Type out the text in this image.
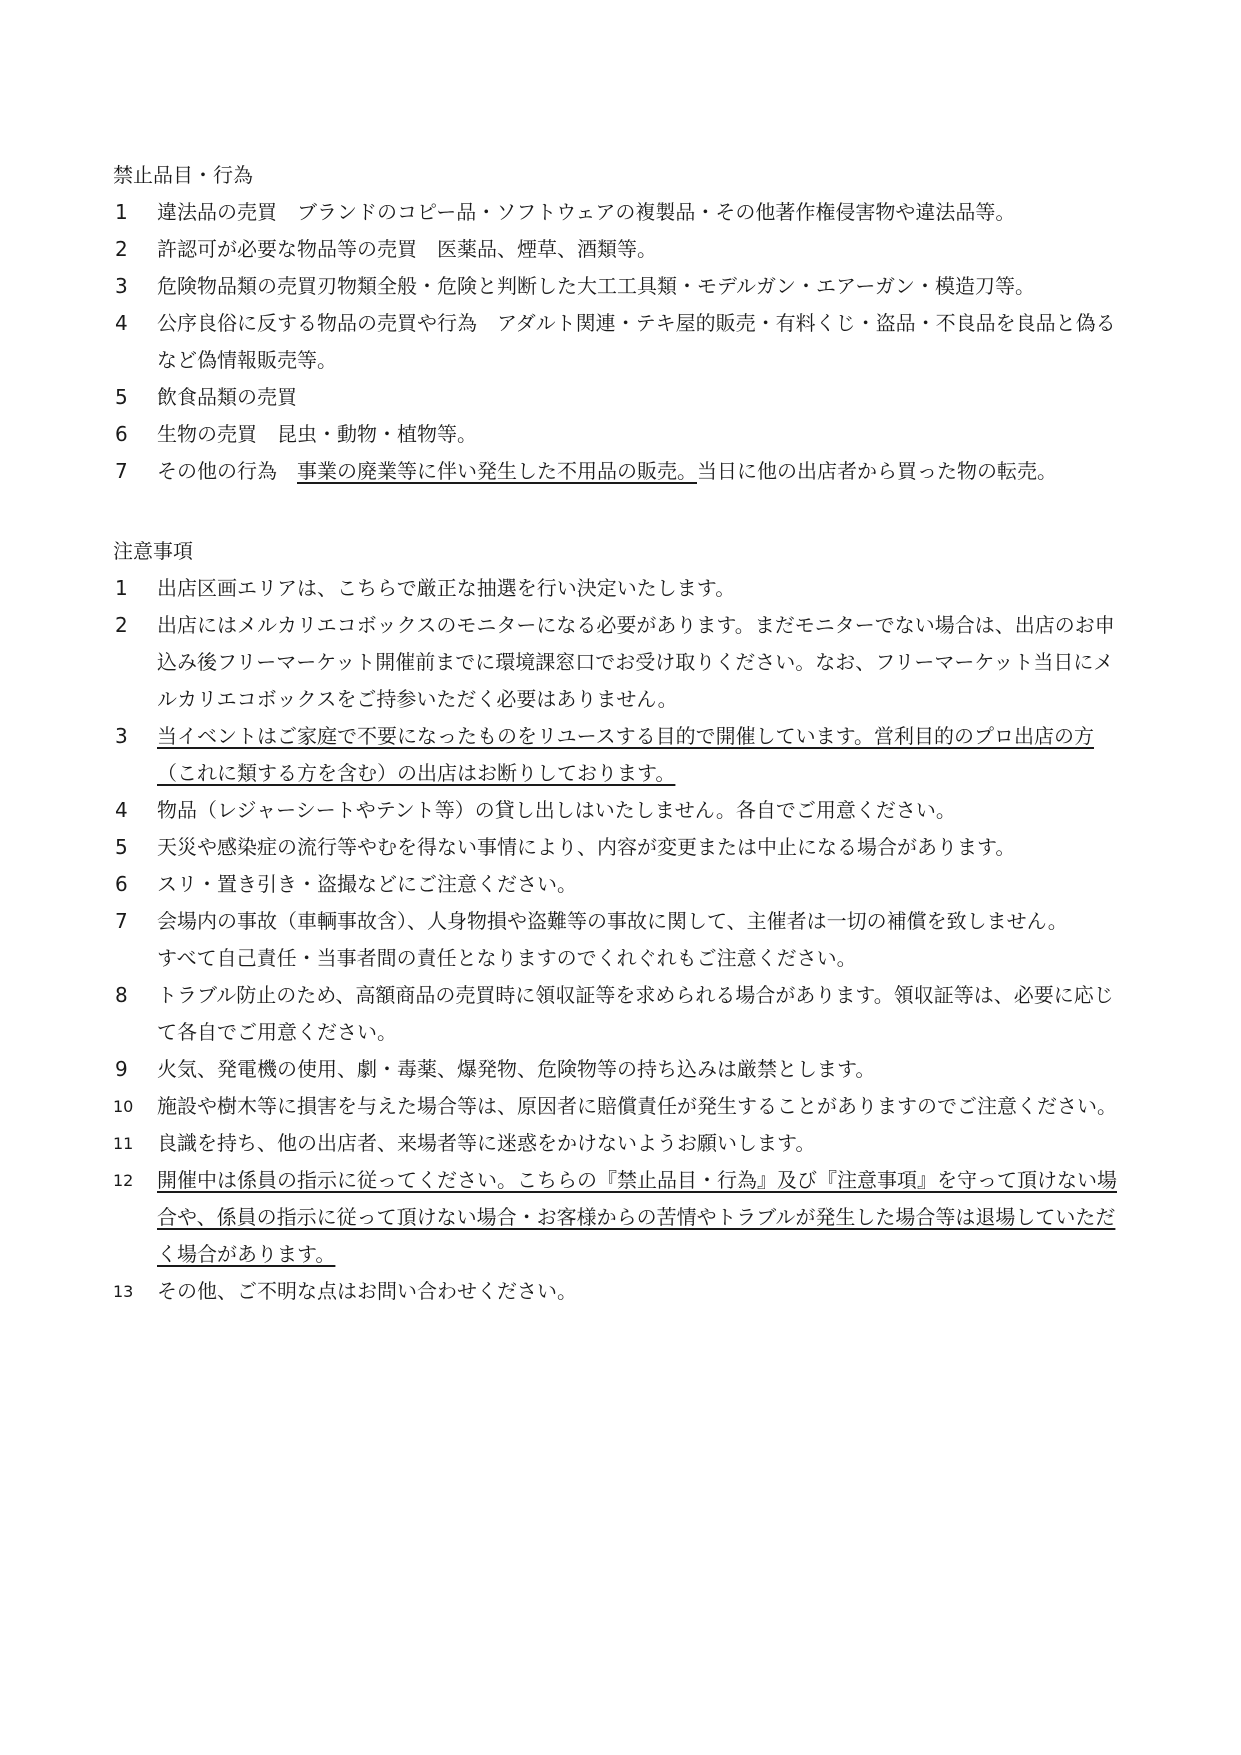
禁止品目・行為
1	違法品の売買　ブランドのコピー品・ソフトウェアの複製品・その他著作権侵害物や違法品等。
2	許認可が必要な物品等の売買　医薬品、煙草、酒類等。
3	危険物品類の売買刃物類全般・危険と判断した大工工具類・モデルガン・エアーガン・模造刀等。
4	公序良俗に反する物品の売買や行為　アダルト関連・テキ屋的販売・有料くじ・盗品・不良品を良品と偽るなど偽情報販売等。
5	飲食品類の売買
6	生物の売買　昆虫・動物・植物等。
7	その他の行為　事業の廃業等に伴い発生した不用品の販売。当日に他の出店者から買った物の転売。
注意事項
1	出店区画エリアは、こちらで厳正な抽選を行い決定いたします。
2	出店にはメルカリエコボックスのモニターになる必要があります。まだモニターでない場合は、出店のお申込み後フリーマーケット開催前までに環境課窓口でお受け取りください。なお、フリーマーケット当日にメルカリエコボックスをご持参いただく必要はありません。
3	当イベントはご家庭で不要になったものをリユースする目的で開催しています。営利目的のプロ出店の方（これに類する方を含む）の出店はお断りしております。
4	物品（レジャーシートやテント等）の貸し出しはいたしません。各自でご用意ください。
5	天災や感染症の流行等やむを得ない事情により、内容が変更または中止になる場合があります。
6	スリ・置き引き・盗撮などにご注意ください。
7	会場内の事故（車輌事故含）、人身物損や盗難等の事故に関して、主催者は一切の補償を致しません。
すべて自己責任・当事者間の責任となりますのでくれぐれもご注意ください。
8	トラブル防止のため、高額商品の売買時に領収証等を求められる場合があります。領収証等は、必要に応じて各自でご用意ください。
9	火気、発電機の使用、劇・毒薬、爆発物、危険物等の持ち込みは厳禁とします。
10	施設や樹木等に損害を与えた場合等は、原因者に賠償責任が発生することがありますのでご注意ください。
11	良識を持ち、他の出店者、来場者等に迷惑をかけないようお願いします。
12	開催中は係員の指示に従ってください。こちらの『禁止品目・行為』及び『注意事項』を守って頂けない場合や、係員の指示に従って頂けない場合・お客様からの苦情やトラブルが発生した場合等は退場していただく場合があります。
13	その他、ご不明な点はお問い合わせください。
